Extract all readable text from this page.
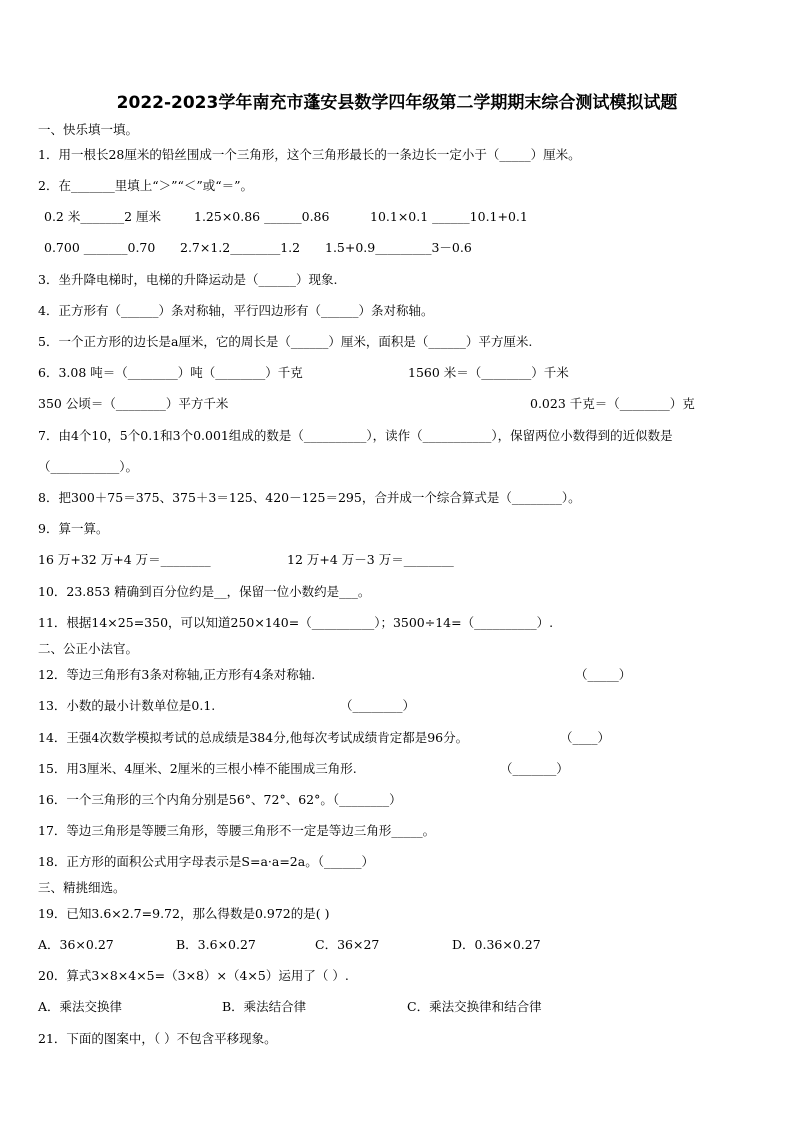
2022-2023学年南充市蓬安县数学四年级第二学期期末综合测试模拟试题
一、快乐填一填。
1．用一根长28厘米的铅丝围成一个三角形，这个三角形最长的一条边长一定小于（_____）厘米。
2．在_______里填上“＞”“＜”或“＝”。
0.2 米_______2 厘米	1.25×0.86 ______0.86	10.1×0.1 ______10.1+0.1
0.700 _______0.70 2.7×1.2________1.2 1.5+0.9_________3－0.6
3．坐升降电梯时，电梯的升降运动是（______）现象.
4．正方形有（______）条对称轴，平行四边形有（______）条对称轴。
5．一个正方形的边长是a厘米，它的周长是（______）厘米，面积是（______）平方厘米.
6．3.08 吨＝（________）吨（________）千克	1560 米＝（________）千米
350 公顷＝（________）平方千米	0.023 千克＝（________）克
7．由4个10，5个0.1和3个0.001组成的数是（__________），读作（___________），保留两位小数得到的近似数是
（___________）。
8．把300＋75＝375、375＋3＝125、420－125＝295，合并成一个综合算式是（________）。
9．算一算。
16 万+32 万+4 万＝________	12 万+4 万－3 万＝________
10．23.853 精确到百分位约是__，保留一位小数约是___。
11．根据14×25=350，可以知道250×140=（__________）；3500÷14=（__________）.
二、公正小法官。
12．等边三角形有3条对称轴,正方形有4条对称轴.	（_____）
13．小数的最小计数单位是0.1.	（________）
14．王强4次数学模拟考试的总成绩是384分,他每次考试成绩肯定都是96分。	（____）
15．用3厘米、4厘米、2厘米的三根小棒不能围成三角形.	（_______）
16．一个三角形的三个内角分别是56°、72°、62°。（________）
17．等边三角形是等腰三角形，等腰三角形不一定是等边三角形_____。
18．正方形的面积公式用字母表示是S=a·a=2a。（______）
三、精挑细选。
19．已知3.6×2.7=9.72，那么得数是0.972的是( )
A．36×0.27	B．3.6×0.27	C．36×27	D．0.36×0.27
20．算式3×8×4×5=（3×8）×（4×5）运用了（ ）.
A．乘法交换律	B．乘法结合律	C．乘法交换律和结合律
21．下面的图案中，（ ）不包含平移现象。
